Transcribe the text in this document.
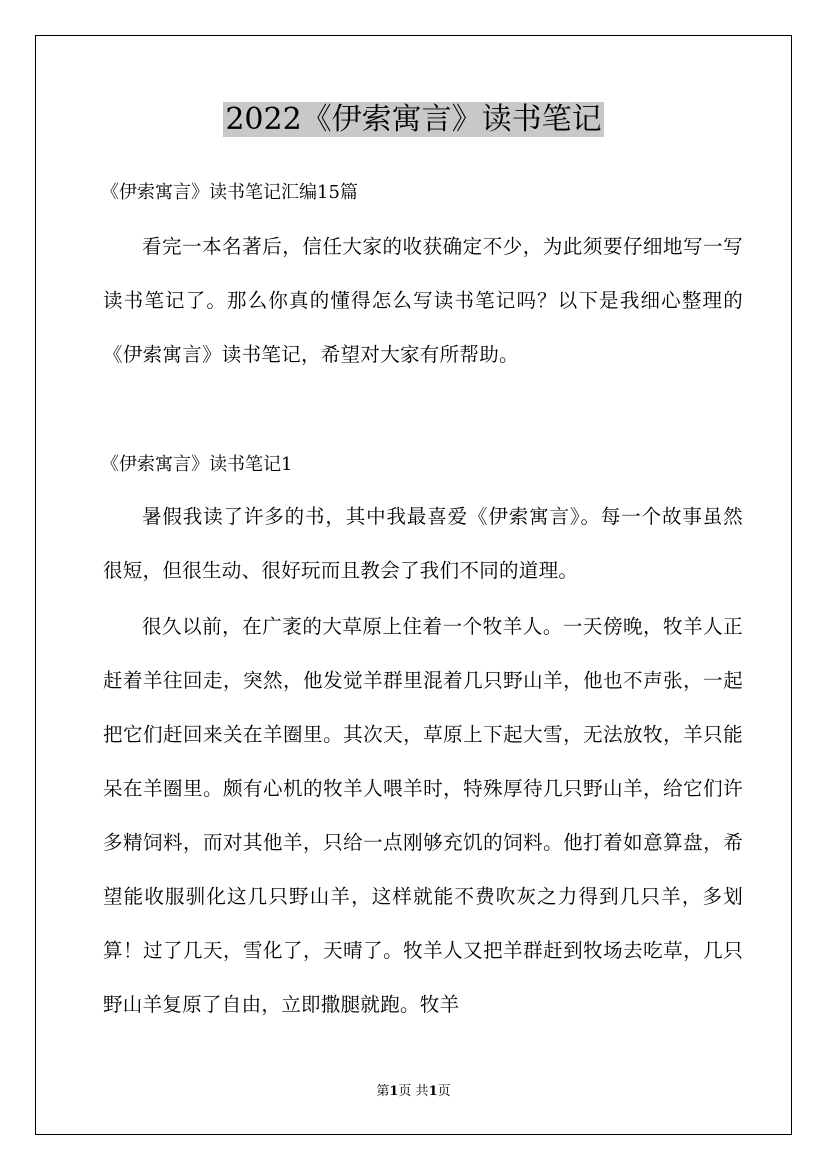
2022《伊索寓言》读书笔记
《伊索寓言》读书笔记汇编15篇
看完一本名著后，信任大家的收获确定不少，为此须要仔细地写一写读书笔记了。那么你真的懂得怎么写读书笔记吗？以下是我细心整理的《伊索寓言》读书笔记，希望对大家有所帮助。
《伊索寓言》读书笔记1
暑假我读了许多的书，其中我最喜爱《伊索寓言》。每一个故事虽然很短，但很生动、很好玩而且教会了我们不同的道理。
很久以前，在广袤的大草原上住着一个牧羊人。一天傍晚，牧羊人正赶着羊往回走，突然，他发觉羊群里混着几只野山羊，他也不声张，一起把它们赶回来关在羊圈里。其次天，草原上下起大雪，无法放牧，羊只能呆在羊圈里。颇有心机的牧羊人喂羊时，特殊厚待几只野山羊，给它们许多精饲料，而对其他羊，只给一点刚够充饥的饲料。他打着如意算盘，希望能收服驯化这几只野山羊，这样就能不费吹灰之力得到几只羊，多划算！过了几天，雪化了，天晴了。牧羊人又把羊群赶到牧场去吃草，几只野山羊复原了自由，立即撒腿就跑。牧羊
第1页 共1页
